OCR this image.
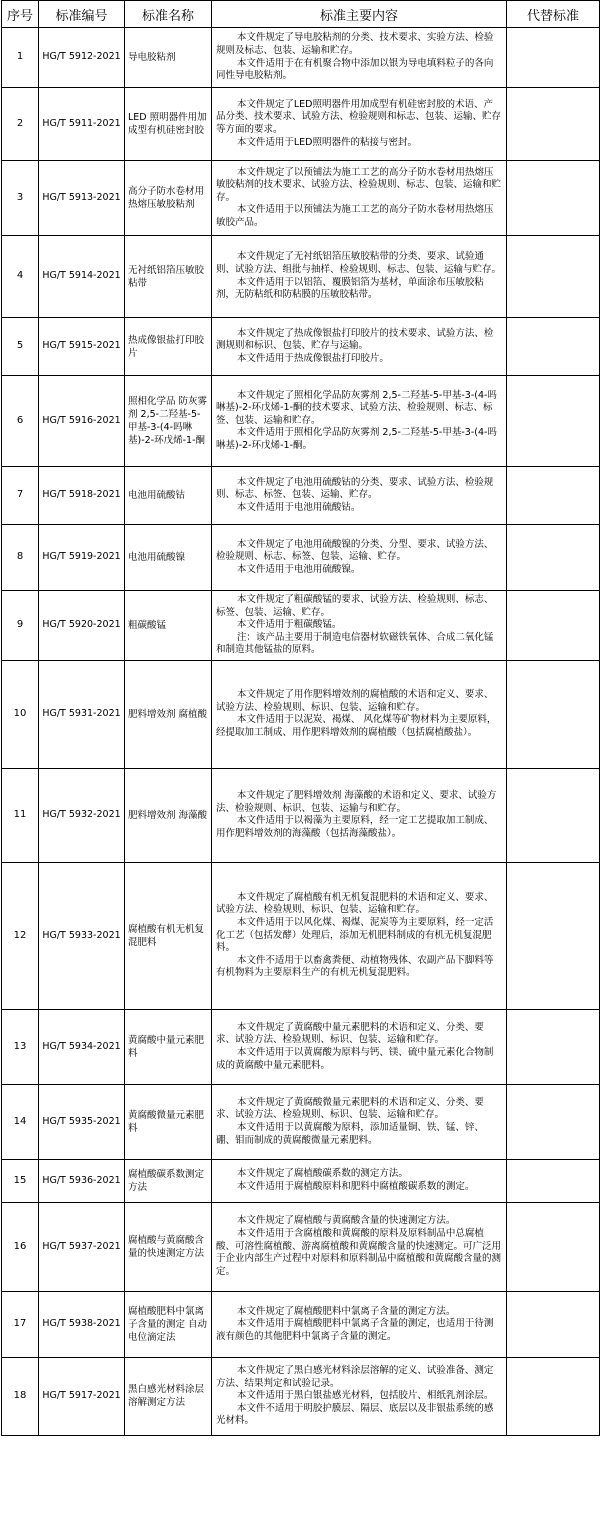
序号	标准编号	标准名称	标准主要内容	代替标准
1	HG/T 5912-2021	导电胶粘剂	本文件规定了导电胶粘剂的分类、技术要求、实验方法、检验规则及标志、包装、运输和贮存。
本文件适用于在有机聚合物中添加以银为导电填料粒子的各向同性导电胶粘剂。	

2	HG/T 5911-2021	LED 照明器件用加成型有机硅密封胶	本文件规定了LED照明器件用加成型有机硅密封胶的术语、产品分类、技术要求、试验方法、检验规则和标志、包装、运输、贮存等方面的要求。
本文件适用于LED照明器件的粘接与密封。	

3	HG/T 5913-2021	高分子防水卷材用热熔压敏胶粘剂	本文件规定了以预铺法为施工工艺的高分子防水卷材用热熔压敏胶粘剂的技术要求、试验方法、检验规则、标志、包装、运输和贮存。
本文件适用于以预铺法为施工工艺的高分子防水卷材用热熔压敏胶产品。	

4	HG/T 5914-2021	无衬纸铝箔压敏胶粘带	本文件规定了无衬纸铝箔压敏胶粘带的分类、要求、试验通则、试验方法、组批与抽样、检验规则、标志、包装、运输与贮存。
本文件适用于以铝箔、覆膜铝箔为基材，单面涂布压敏胶粘剂，无防粘纸和防粘膜的压敏胶粘带。	

5	HG/T 5915-2021	热成像银盐打印胶片	本文件规定了热成像银盐打印胶片的技术要求、试验方法、检测规则和标识、包装、贮存与运输。
本文件适用于热成像银盐打印胶片。	

6	HG/T 5916-2021	照相化学品 防灰雾剂 2,5-二羟基-5-甲基-3-(4-吗啉基)-2-环戊烯-1-酮	本文件规定了照相化学品防灰雾剂 2,5-二羟基-5-甲基-3-(4-吗啉基)-2-环戊烯-1-酮的技术要求、试验方法、检验规则、标志、标签、包装、运输和贮存。
本文件适用于照相化学品防灰雾剂 2,5-二羟基-5-甲基-3-(4-吗啉基)-2-环戊烯-1-酮。	

7	HG/T 5918-2021	电池用硫酸钴	本文件规定了电池用硫酸钴的分类、要求、试验方法、检验规则、标志、标签、包装、运输、贮存。
本文件适用于电池用硫酸钴。	

8	HG/T 5919-2021	电池用硫酸镍	本文件规定了电池用硫酸镍的分类、分型、要求、试验方法、检验规则、标志、标签、包装、运输、贮存。
本文件适用于电池用硫酸镍。	

9	HG/T 5920-2021	粗碳酸锰	本文件规定了粗碳酸锰的要求、试验方法、检验规则、标志、标签、包装、运输、贮存。
本文件适用于粗碳酸锰。
注：该产品主要用于制造电信器材软磁铁氧体、合成二氧化锰和制造其他锰盐的原料。	

10	HG/T 5931-2021	肥料增效剂 腐植酸	本文件规定了用作肥料增效剂的腐植酸的术语和定义、要求、试验方法、检验规则、标识、包装、运输和贮存。
本文件适用于以泥炭、褐煤、 风化煤等矿物材料为主要原料，经提取加工制成、用作肥料增效剂的腐植酸（包括腐植酸盐）。	

11	HG/T 5932-2021	肥料增效剂 海藻酸	本文件规定了肥料增效剂 海藻酸的术语和定义、要求、试验方法、检验规则、标识、包装、运输与和贮存。
本文件适用于以褐藻为主要原料，经一定工艺提取加工制成、用作肥料增效剂的海藻酸（包括海藻酸盐）。	

12	HG/T 5933-2021	腐植酸有机无机复混肥料	本文件规定了腐植酸有机无机复混肥料的术语和定义、要求、试验方法、检验规则、标识、包装、运输和贮存。
本文件适用于以风化煤、褐煤、泥炭等为主要原料，经一定活化工艺（包括发酵）处理后，添加无机肥料制成的有机无机复混肥料。
本文件不适用于以畜禽粪便、动植物残体、农副产品下脚料等有机物料为主要原料生产的有机无机复混肥料。	

13	HG/T 5934-2021	黄腐酸中量元素肥料	本文件规定了黄腐酸中量元素肥料的术语和定义、分类、要求、试验方法、检验规则、标识、包装、运输和贮存。
本文件适用于以黄腐酸为原料与钙、镁、硫中量元素化合物制成的黄腐酸中量元素肥料。	

14	HG/T 5935-2021	黄腐酸微量元素肥料	本文件规定了黄腐酸微量元素肥料的术语和定义、分类、要求、试验方法、检验规则、标识、包装、运输和贮存。
本文件适用于以黄腐酸为原料，添加适量铜、铁、锰、锌、硼、钼而制成的黄腐酸微量元素肥料。	

15	HG/T 5936-2021	腐植酸碳系数测定方法	本文件规定了腐植酸碳系数的测定方法。
本文件适用于腐植酸原料和肥料中腐植酸碳系数的测定。	

16	HG/T 5937-2021	腐植酸与黄腐酸含量的快速测定方法	本文件规定了腐植酸与黄腐酸含量的快速测定方法。
本文件适用于含腐植酸和黄腐酸的原料及原料制品中总腐植酸、可溶性腐植酸、游离腐植酸和黄腐酸含量的快速测定。可广泛用于企业内部生产过程中对原料和原料制品中腐植酸和黄腐酸含量的测定。	

17	HG/T 5938-2021	腐植酸肥料中氯离子含量的测定 自动电位滴定法	本文件规定了腐植酸肥料中氯离子含量的测定方法。
本文件适用于腐植酸肥料中氯离子含量的测定，也适用于待测液有颜色的其他肥料中氯离子含量的测定。	

18	HG/T 5917-2021	黑白感光材料涂层溶解测定方法	本文件规定了黑白感光材料涂层溶解的定义、试验准备、测定方法、结果判定和试验记录。
本文件适用于黑白银盐感光材料，包括胶片、相纸乳剂涂层。
本文件不适用于明胶护膜层、隔层、底层以及非银盐系统的感光材料。	
